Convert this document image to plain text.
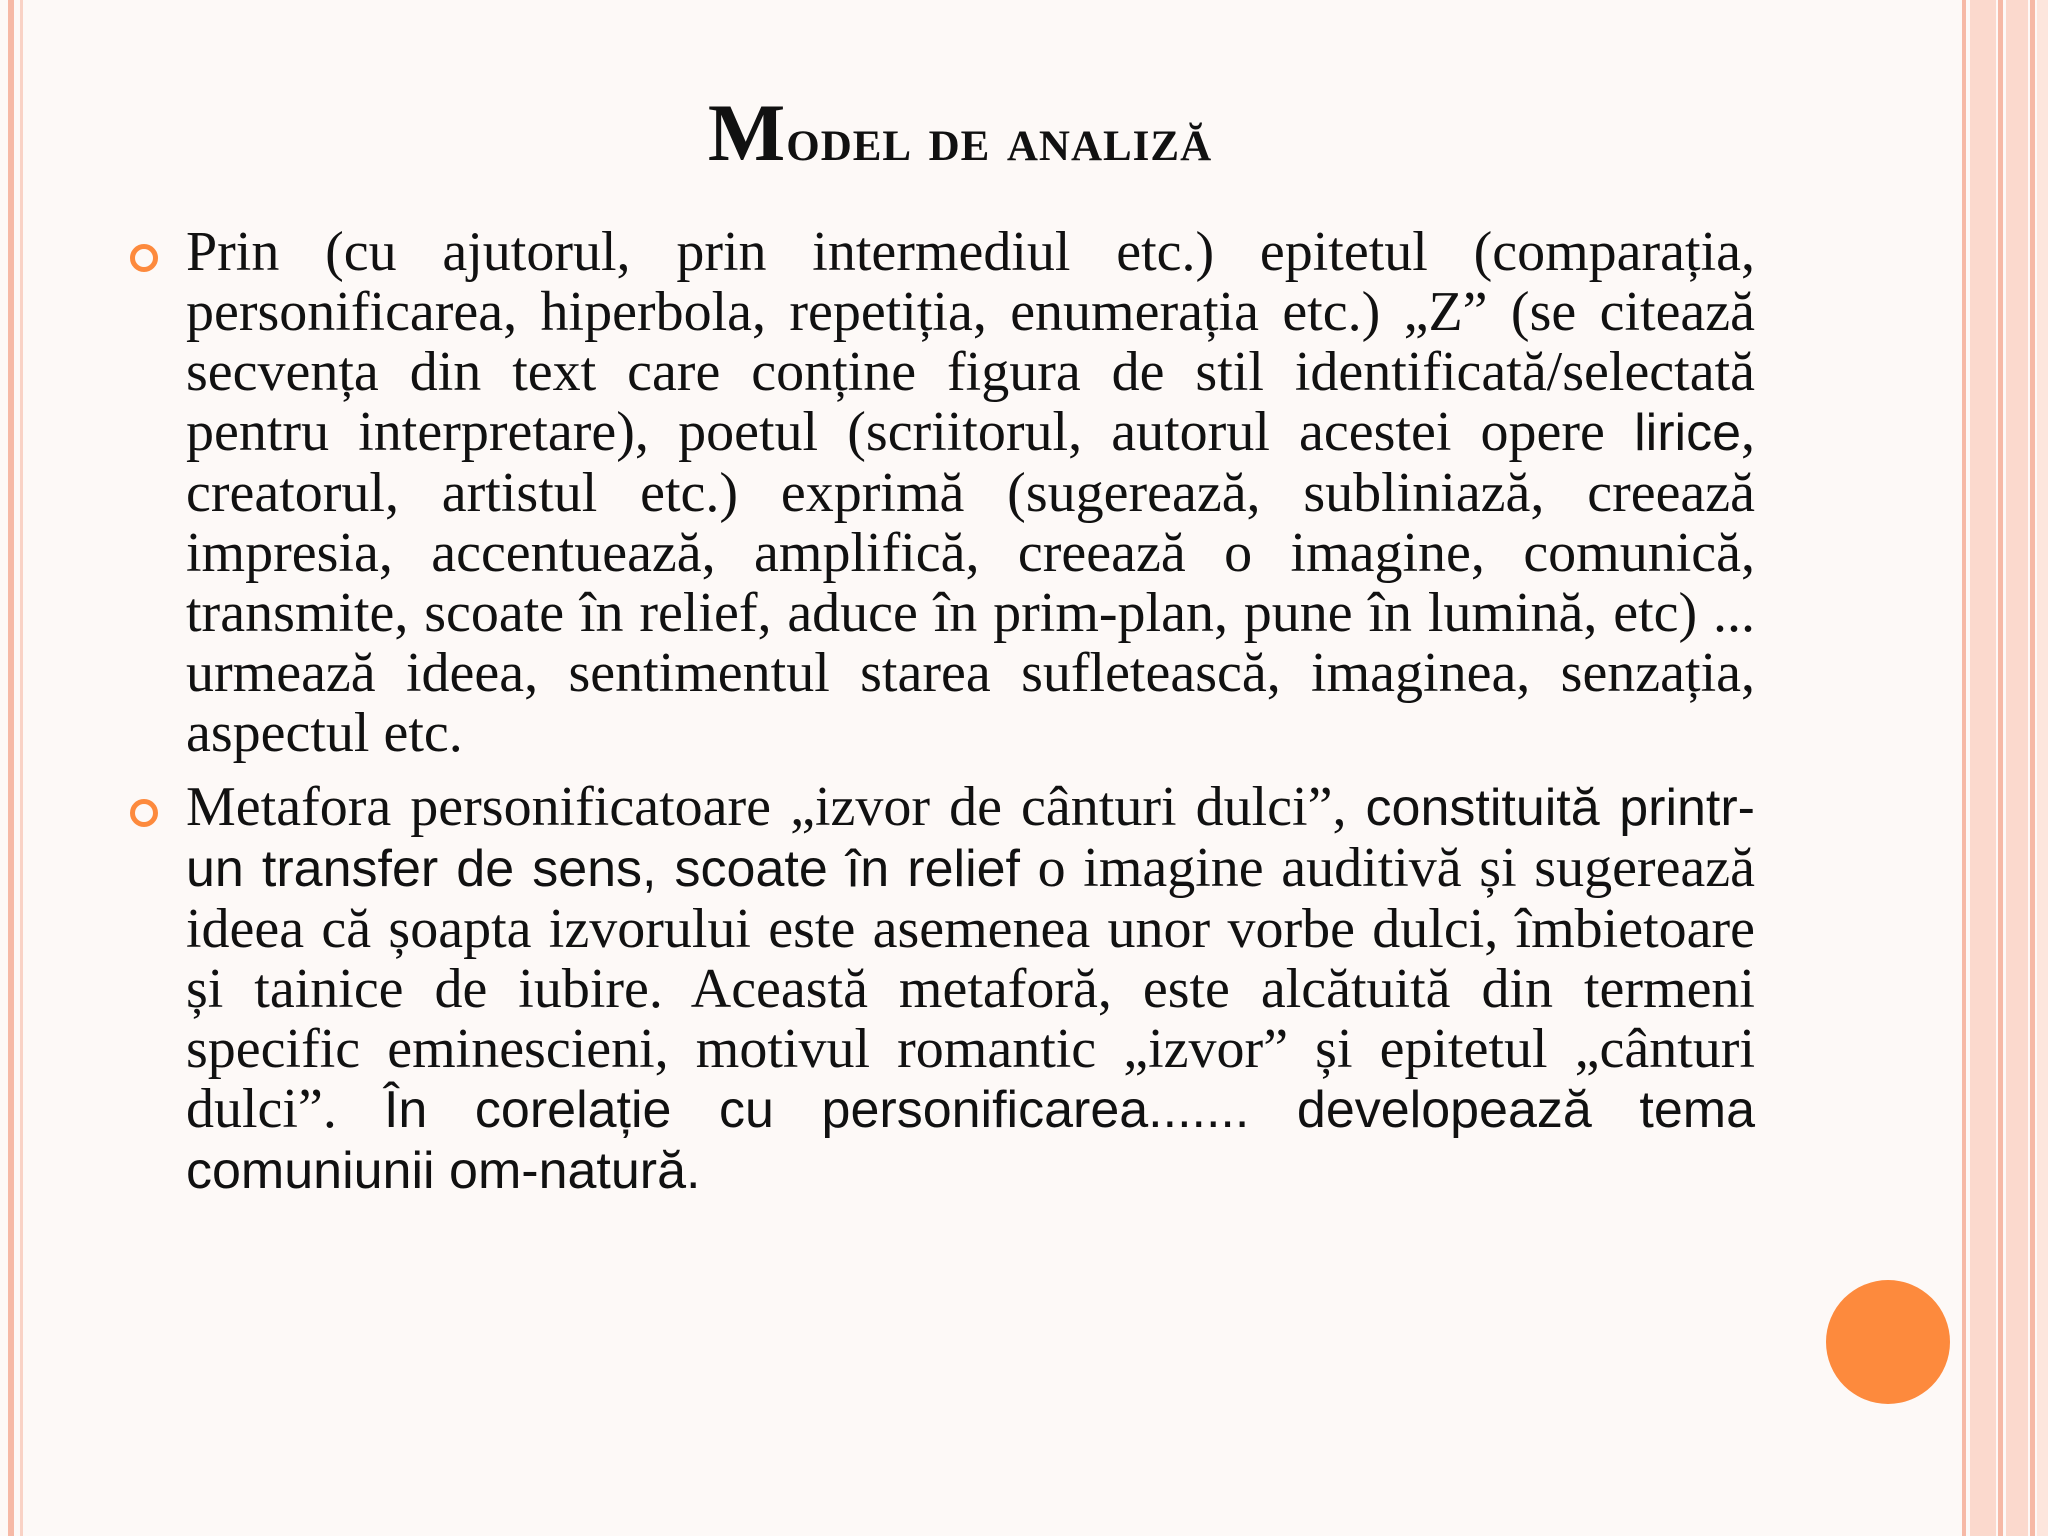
Model de analiză

Prin (cu ajutorul, prin intermediul etc.) epitetul (comparația, personificarea, hiperbola, repetiția, enumerația etc.) „Z” (se citează secvența din text care conține figura de stil identificată/selectată pentru interpretare), poetul (scriitorul, autorul acestei opere lirice, creatorul, artistul etc.) exprimă (sugerează, subliniază, creează impresia, accentuează, amplifică, creează o imagine, comunică, transmite, scoate în relief, aduce în prim-plan, pune în lumină, etc) ... urmează ideea, sentimentul starea sufletească, imaginea, senzația, aspectul etc.

Metafora personificatoare „izvor de cânturi dulci”, constituită printr-un transfer de sens, scoate în relief o imagine auditivă și sugerează ideea că șoapta izvorului este asemenea unor vorbe dulci, îmbietoare și tainice de iubire. Această metaforă, este alcătuită din termeni specific eminescieni, motivul romantic „izvor” și epitetul „cânturi dulci”. În corelație cu personificarea....... developează tema comuniunii om-natură.
